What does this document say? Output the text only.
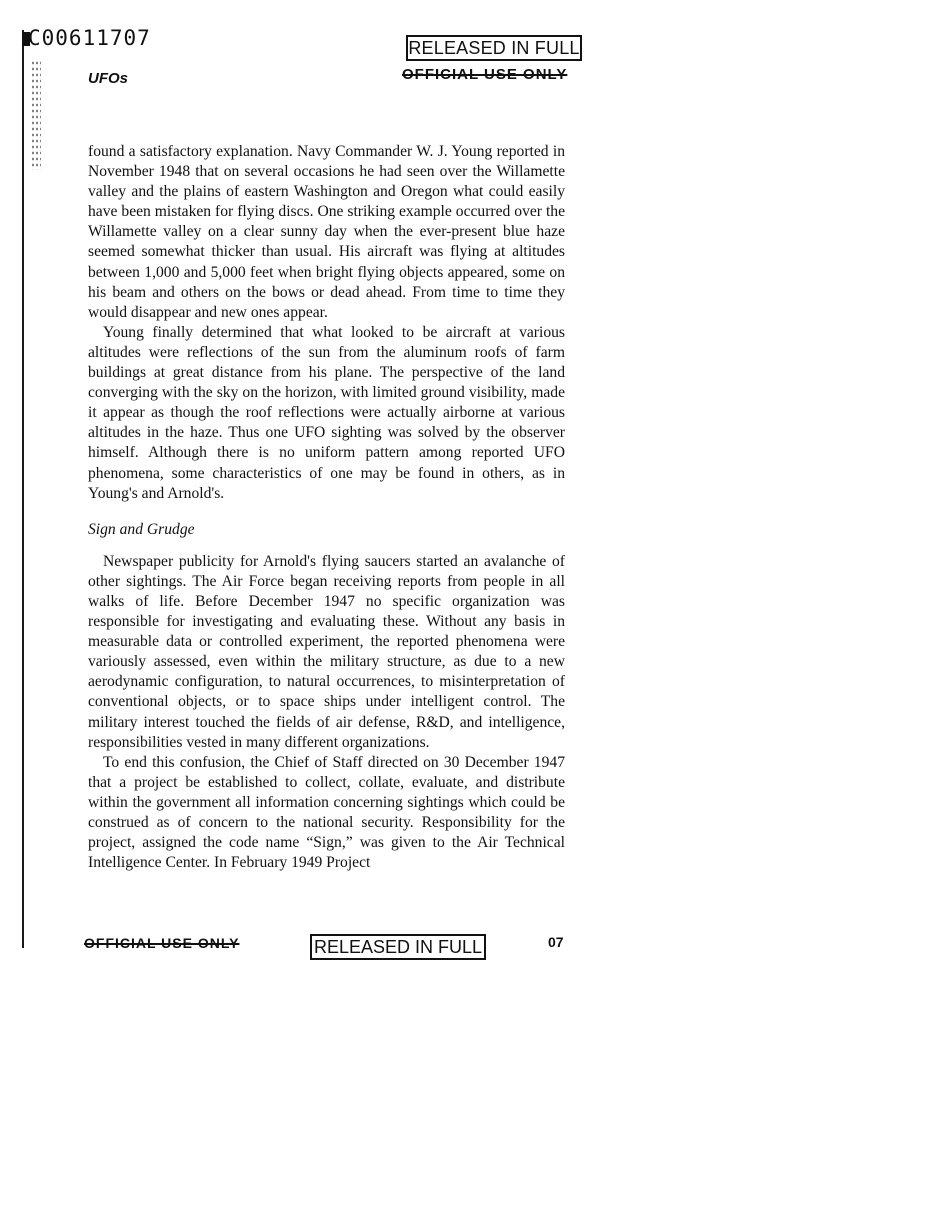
C00611707	RELEASED IN FULL
OFFICIAL USE ONLY
UFOs

found a satisfactory explanation. Navy Commander W. J. Young reported in November 1948 that on several occasions he had seen over the Willamette valley and the plains of eastern Washington and Oregon what could easily have been mistaken for flying discs. One striking example occurred over the Willamette valley on a clear sunny day when the ever-present blue haze seemed somewhat thicker than usual. His aircraft was flying at altitudes between 1,000 and 5,000 feet when bright flying objects appeared, some on his beam and others on the bows or dead ahead. From time to time they would disappear and new ones appear.

Young finally determined that what looked to be aircraft at various altitudes were reflections of the sun from the aluminum roofs of farm buildings at great distance from his plane. The perspective of the land converging with the sky on the horizon, with limited ground visibility, made it appear as though the roof reflections were actually airborne at various altitudes in the haze. Thus one UFO sighting was solved by the observer himself. Although there is no uniform pattern among reported UFO phenomena, some characteristics of one may be found in others, as in Young's and Arnold's.

Sign and Grudge

Newspaper publicity for Arnold's flying saucers started an avalanche of other sightings. The Air Force began receiving reports from people in all walks of life. Before December 1947 no specific organization was responsible for investigating and evaluating these. Without any basis in measurable data or controlled experiment, the reported phenomena were variously assessed, even within the military structure, as due to a new aerodynamic configuration, to natural occurrences, to misinterpretation of conventional objects, or to space ships under intelligent control. The military interest touched the fields of air defense, R&D, and intelligence, responsibilities vested in many different organizations.

To end this confusion, the Chief of Staff directed on 30 December 1947 that a project be established to collect, collate, evaluate, and distribute within the government all information concerning sightings which could be construed as of concern to the national security. Responsibility for the project, assigned the code name “Sign,” was given to the Air Technical Intelligence Center. In February 1949 Project

OFFICIAL USE ONLY	RELEASED IN FULL	07
